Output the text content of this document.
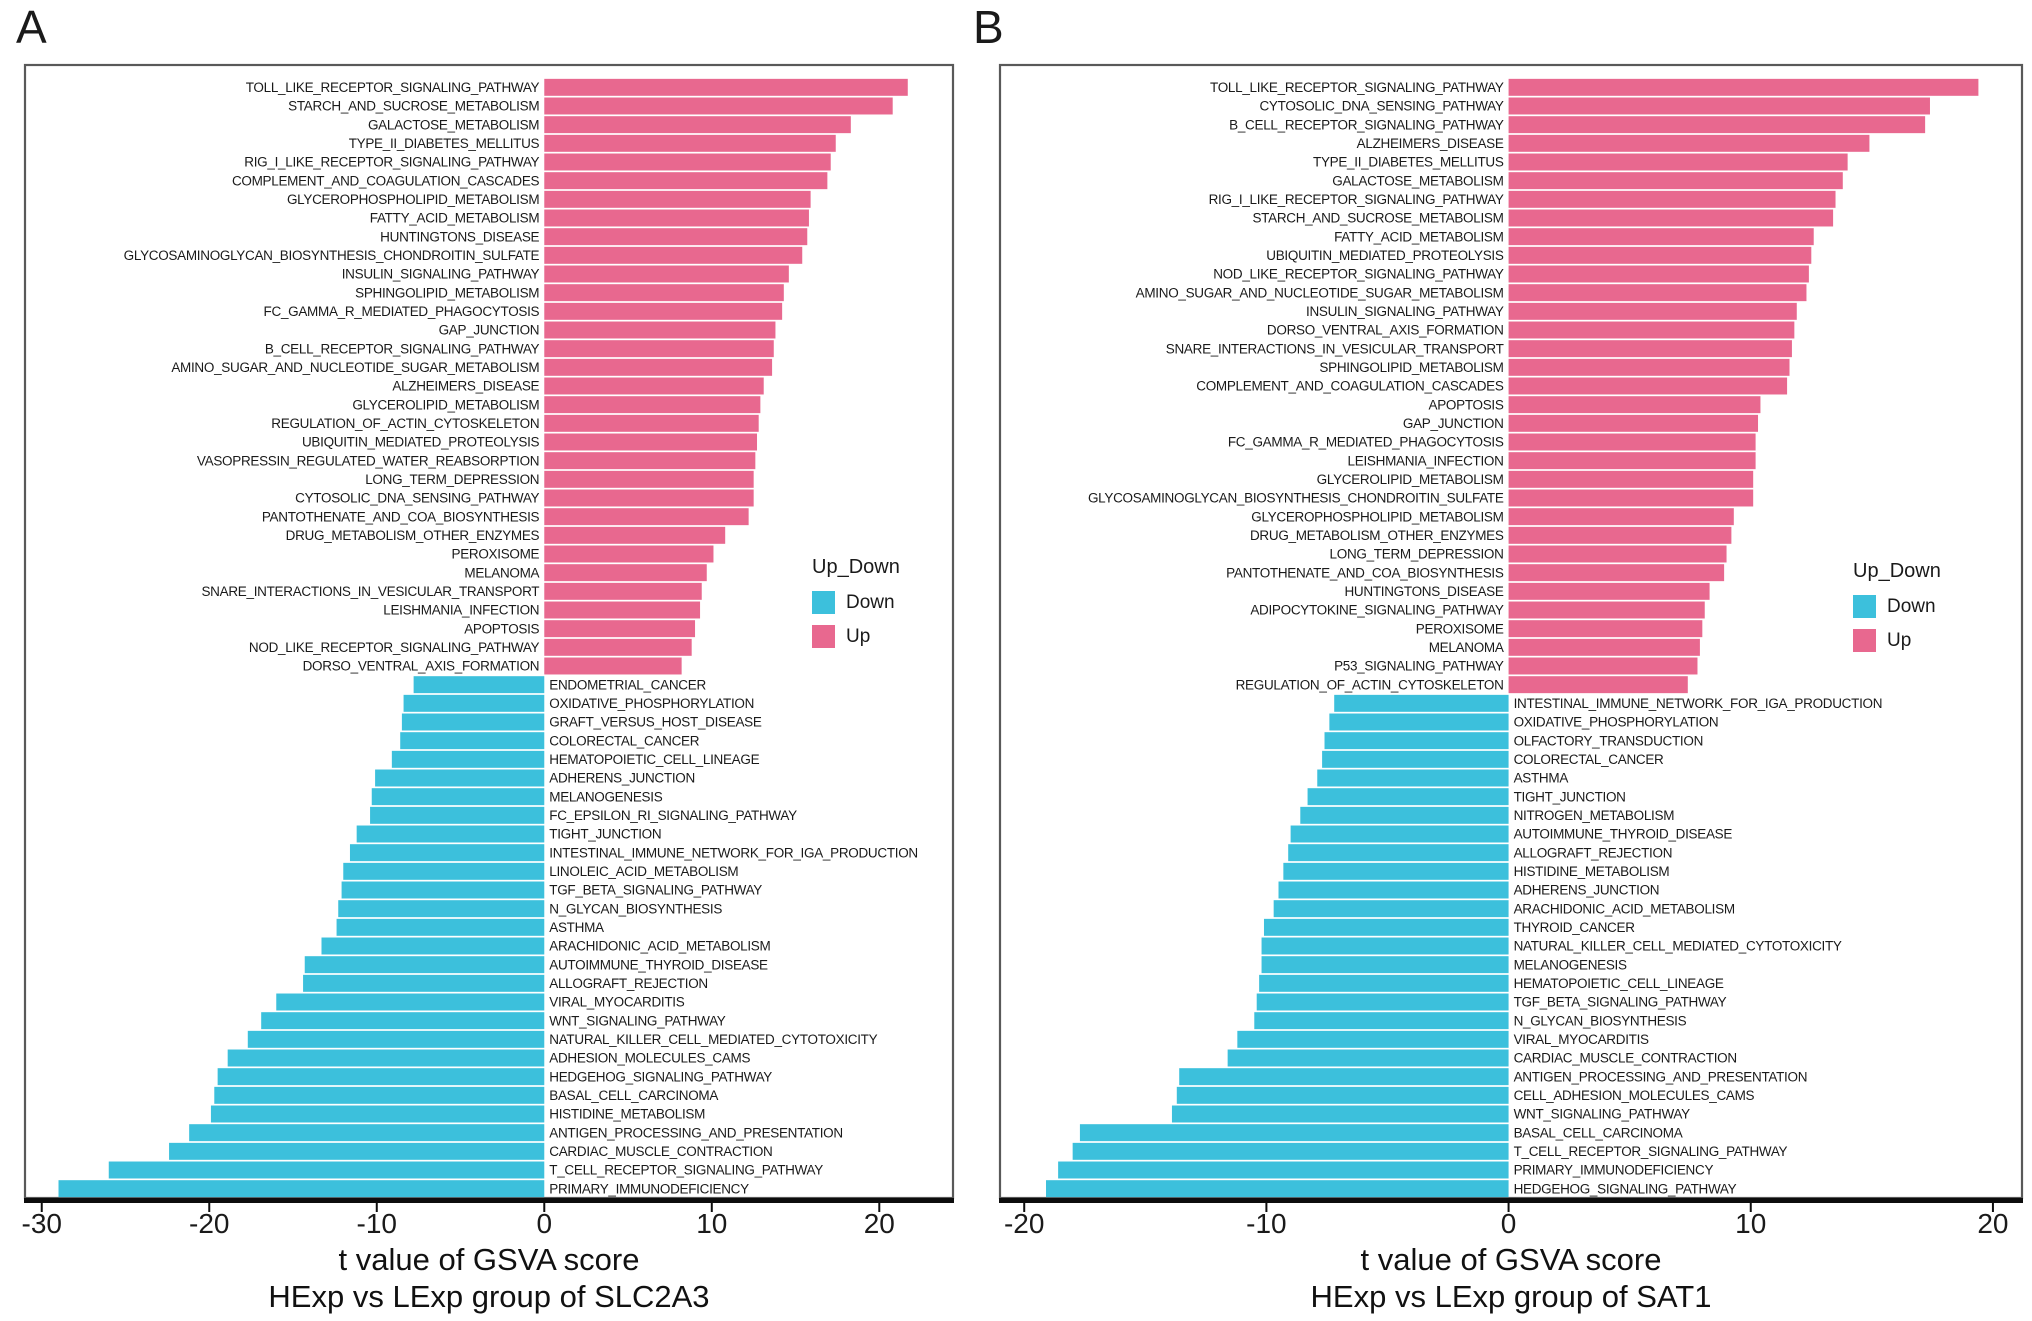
TOLL_LIKE_RECEPTOR_SIGNALING_PATHWAY
STARCH_AND_SUCROSE_METABOLISM
GALACTOSE_METABOLISM
TYPE_II_DIABETES_MELLITUS
RIG_I_LIKE_RECEPTOR_SIGNALING_PATHWAY
COMPLEMENT_AND_COAGULATION_CASCADES
GLYCEROPHOSPHOLIPID_METABOLISM
FATTY_ACID_METABOLISM
HUNTINGTONS_DISEASE
GLYCOSAMINOGLYCAN_BIOSYNTHESIS_CHONDROITIN_SULFATE
INSULIN_SIGNALING_PATHWAY
SPHINGOLIPID_METABOLISM
FC_GAMMA_R_MEDIATED_PHAGOCYTOSIS
GAP_JUNCTION
B_CELL_RECEPTOR_SIGNALING_PATHWAY
AMINO_SUGAR_AND_NUCLEOTIDE_SUGAR_METABOLISM
ALZHEIMERS_DISEASE
GLYCEROLIPID_METABOLISM
REGULATION_OF_ACTIN_CYTOSKELETON
UBIQUITIN_MEDIATED_PROTEOLYSIS
VASOPRESSIN_REGULATED_WATER_REABSORPTION
LONG_TERM_DEPRESSION
CYTOSOLIC_DNA_SENSING_PATHWAY
PANTOTHENATE_AND_COA_BIOSYNTHESIS
DRUG_METABOLISM_OTHER_ENZYMES
PEROXISOME
MELANOMA
SNARE_INTERACTIONS_IN_VESICULAR_TRANSPORT
LEISHMANIA_INFECTION
APOPTOSIS
NOD_LIKE_RECEPTOR_SIGNALING_PATHWAY
DORSO_VENTRAL_AXIS_FORMATION
ENDOMETRIAL_CANCER
OXIDATIVE_PHOSPHORYLATION
GRAFT_VERSUS_HOST_DISEASE
COLORECTAL_CANCER
HEMATOPOIETIC_CELL_LINEAGE
ADHERENS_JUNCTION
MELANOGENESIS
FC_EPSILON_RI_SIGNALING_PATHWAY
TIGHT_JUNCTION
INTESTINAL_IMMUNE_NETWORK_FOR_IGA_PRODUCTION
LINOLEIC_ACID_METABOLISM
TGF_BETA_SIGNALING_PATHWAY
N_GLYCAN_BIOSYNTHESIS
ASTHMA
ARACHIDONIC_ACID_METABOLISM
AUTOIMMUNE_THYROID_DISEASE
ALLOGRAFT_REJECTION
VIRAL_MYOCARDITIS
WNT_SIGNALING_PATHWAY
NATURAL_KILLER_CELL_MEDIATED_CYTOTOXICITY
ADHESION_MOLECULES_CAMS
HEDGEHOG_SIGNALING_PATHWAY
BASAL_CELL_CARCINOMA
HISTIDINE_METABOLISM
ANTIGEN_PROCESSING_AND_PRESENTATION
CARDIAC_MUSCLE_CONTRACTION
T_CELL_RECEPTOR_SIGNALING_PATHWAY
PRIMARY_IMMUNODEFICIENCY
-30	-20	-10	0	10	20
TOLL_LIKE_RECEPTOR_SIGNALING_PATHWAY
CYTOSOLIC_DNA_SENSING_PATHWAY
B_CELL_RECEPTOR_SIGNALING_PATHWAY
ALZHEIMERS_DISEASE
TYPE_II_DIABETES_MELLITUS
GALACTOSE_METABOLISM
RIG_I_LIKE_RECEPTOR_SIGNALING_PATHWAY
STARCH_AND_SUCROSE_METABOLISM
FATTY_ACID_METABOLISM
UBIQUITIN_MEDIATED_PROTEOLYSIS
NOD_LIKE_RECEPTOR_SIGNALING_PATHWAY
AMINO_SUGAR_AND_NUCLEOTIDE_SUGAR_METABOLISM
INSULIN_SIGNALING_PATHWAY
DORSO_VENTRAL_AXIS_FORMATION
SNARE_INTERACTIONS_IN_VESICULAR_TRANSPORT
SPHINGOLIPID_METABOLISM
COMPLEMENT_AND_COAGULATION_CASCADES
APOPTOSIS
GAP_JUNCTION
FC_GAMMA_R_MEDIATED_PHAGOCYTOSIS
LEISHMANIA_INFECTION
GLYCEROLIPID_METABOLISM
GLYCOSAMINOGLYCAN_BIOSYNTHESIS_CHONDROITIN_SULFATE
GLYCEROPHOSPHOLIPID_METABOLISM
DRUG_METABOLISM_OTHER_ENZYMES
LONG_TERM_DEPRESSION
PANTOTHENATE_AND_COA_BIOSYNTHESIS
HUNTINGTONS_DISEASE
ADIPOCYTOKINE_SIGNALING_PATHWAY
PEROXISOME
MELANOMA
P53_SIGNALING_PATHWAY
REGULATION_OF_ACTIN_CYTOSKELETON
INTESTINAL_IMMUNE_NETWORK_FOR_IGA_PRODUCTION
OXIDATIVE_PHOSPHORYLATION
OLFACTORY_TRANSDUCTION
COLORECTAL_CANCER
ASTHMA
TIGHT_JUNCTION
NITROGEN_METABOLISM
AUTOIMMUNE_THYROID_DISEASE
ALLOGRAFT_REJECTION
HISTIDINE_METABOLISM
ADHERENS_JUNCTION
ARACHIDONIC_ACID_METABOLISM
THYROID_CANCER
NATURAL_KILLER_CELL_MEDIATED_CYTOTOXICITY
MELANOGENESIS
HEMATOPOIETIC_CELL_LINEAGE
TGF_BETA_SIGNALING_PATHWAY
N_GLYCAN_BIOSYNTHESIS
VIRAL_MYOCARDITIS
CARDIAC_MUSCLE_CONTRACTION
ANTIGEN_PROCESSING_AND_PRESENTATION
CELL_ADHESION_MOLECULES_CAMS
WNT_SIGNALING_PATHWAY
BASAL_CELL_CARCINOMA
T_CELL_RECEPTOR_SIGNALING_PATHWAY
PRIMARY_IMMUNODEFICIENCY
HEDGEHOG_SIGNALING_PATHWAY
-20	-10	0	10	20
A	B
t value of GSVA score
HExp vs LExp group of SLC2A3
t value of GSVA score
HExp vs LExp group of SAT1
Up_Down
Down
Up
Up_Down
Down
Up
